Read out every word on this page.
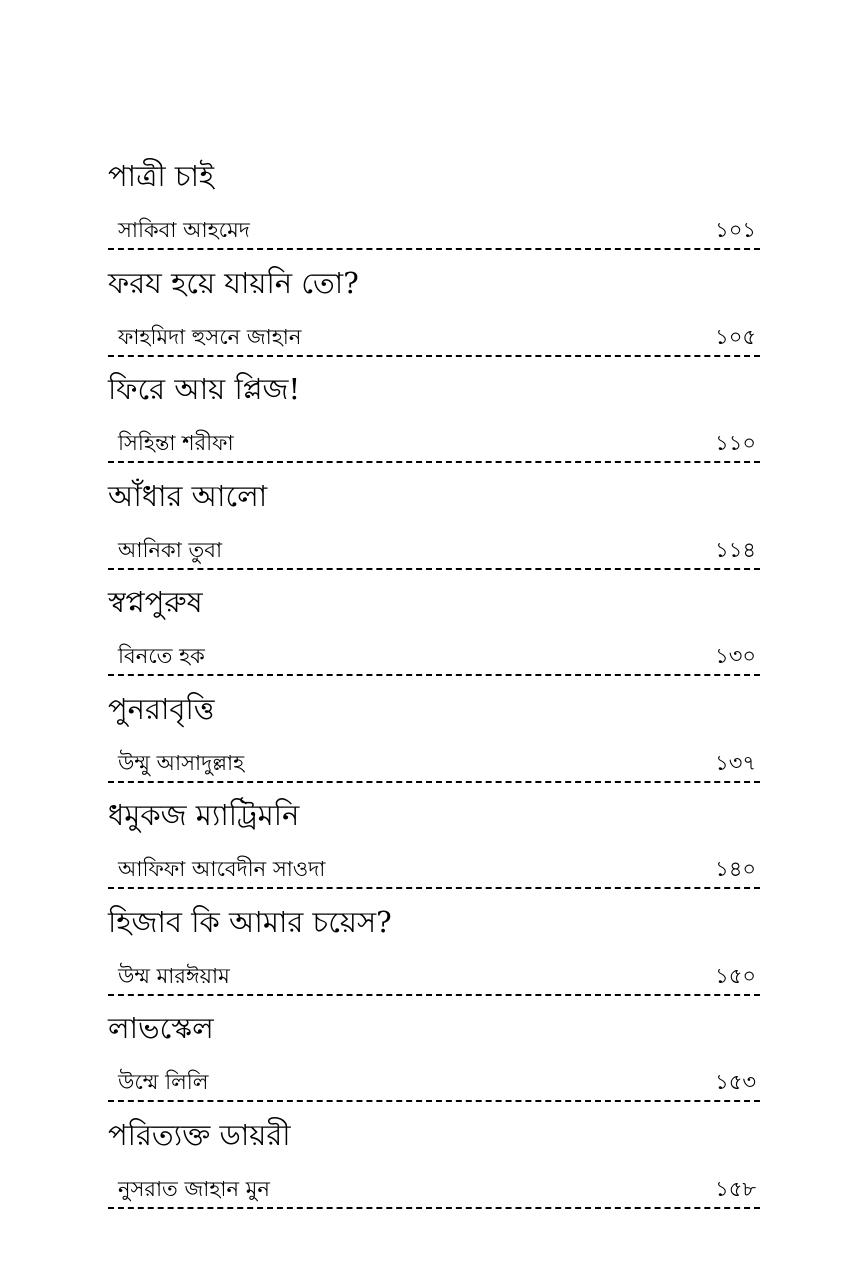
পাত্রী চাই
সাকিবা আহমেদ	১০১
ফরয হয়ে যায়নি তো?
ফাহমিদা হুসনে জাহান	১০৫
ফিরে আয় প্লিজ!
সিহিন্তা শরীফা	১১০
আঁধার আলো
আনিকা তুবা	১১৪
স্বপ্নপুরুষ
বিনতে হক	১৩০
পুনরাবৃত্তি
উম্মু আসাদুল্লাহ	১৩৭
ধমুকজ ম্যাট্রিমনি
আফিফা আবেদীন সাওদা	১৪০
হিজাব কি আমার চয়েস?
উম্ম মারঈয়াম	১৫০
লাভস্কেল
উম্মে লিলি	১৫৩
পরিত্যক্ত ডায়রী
নুসরাত জাহান মুন	১৫৮
